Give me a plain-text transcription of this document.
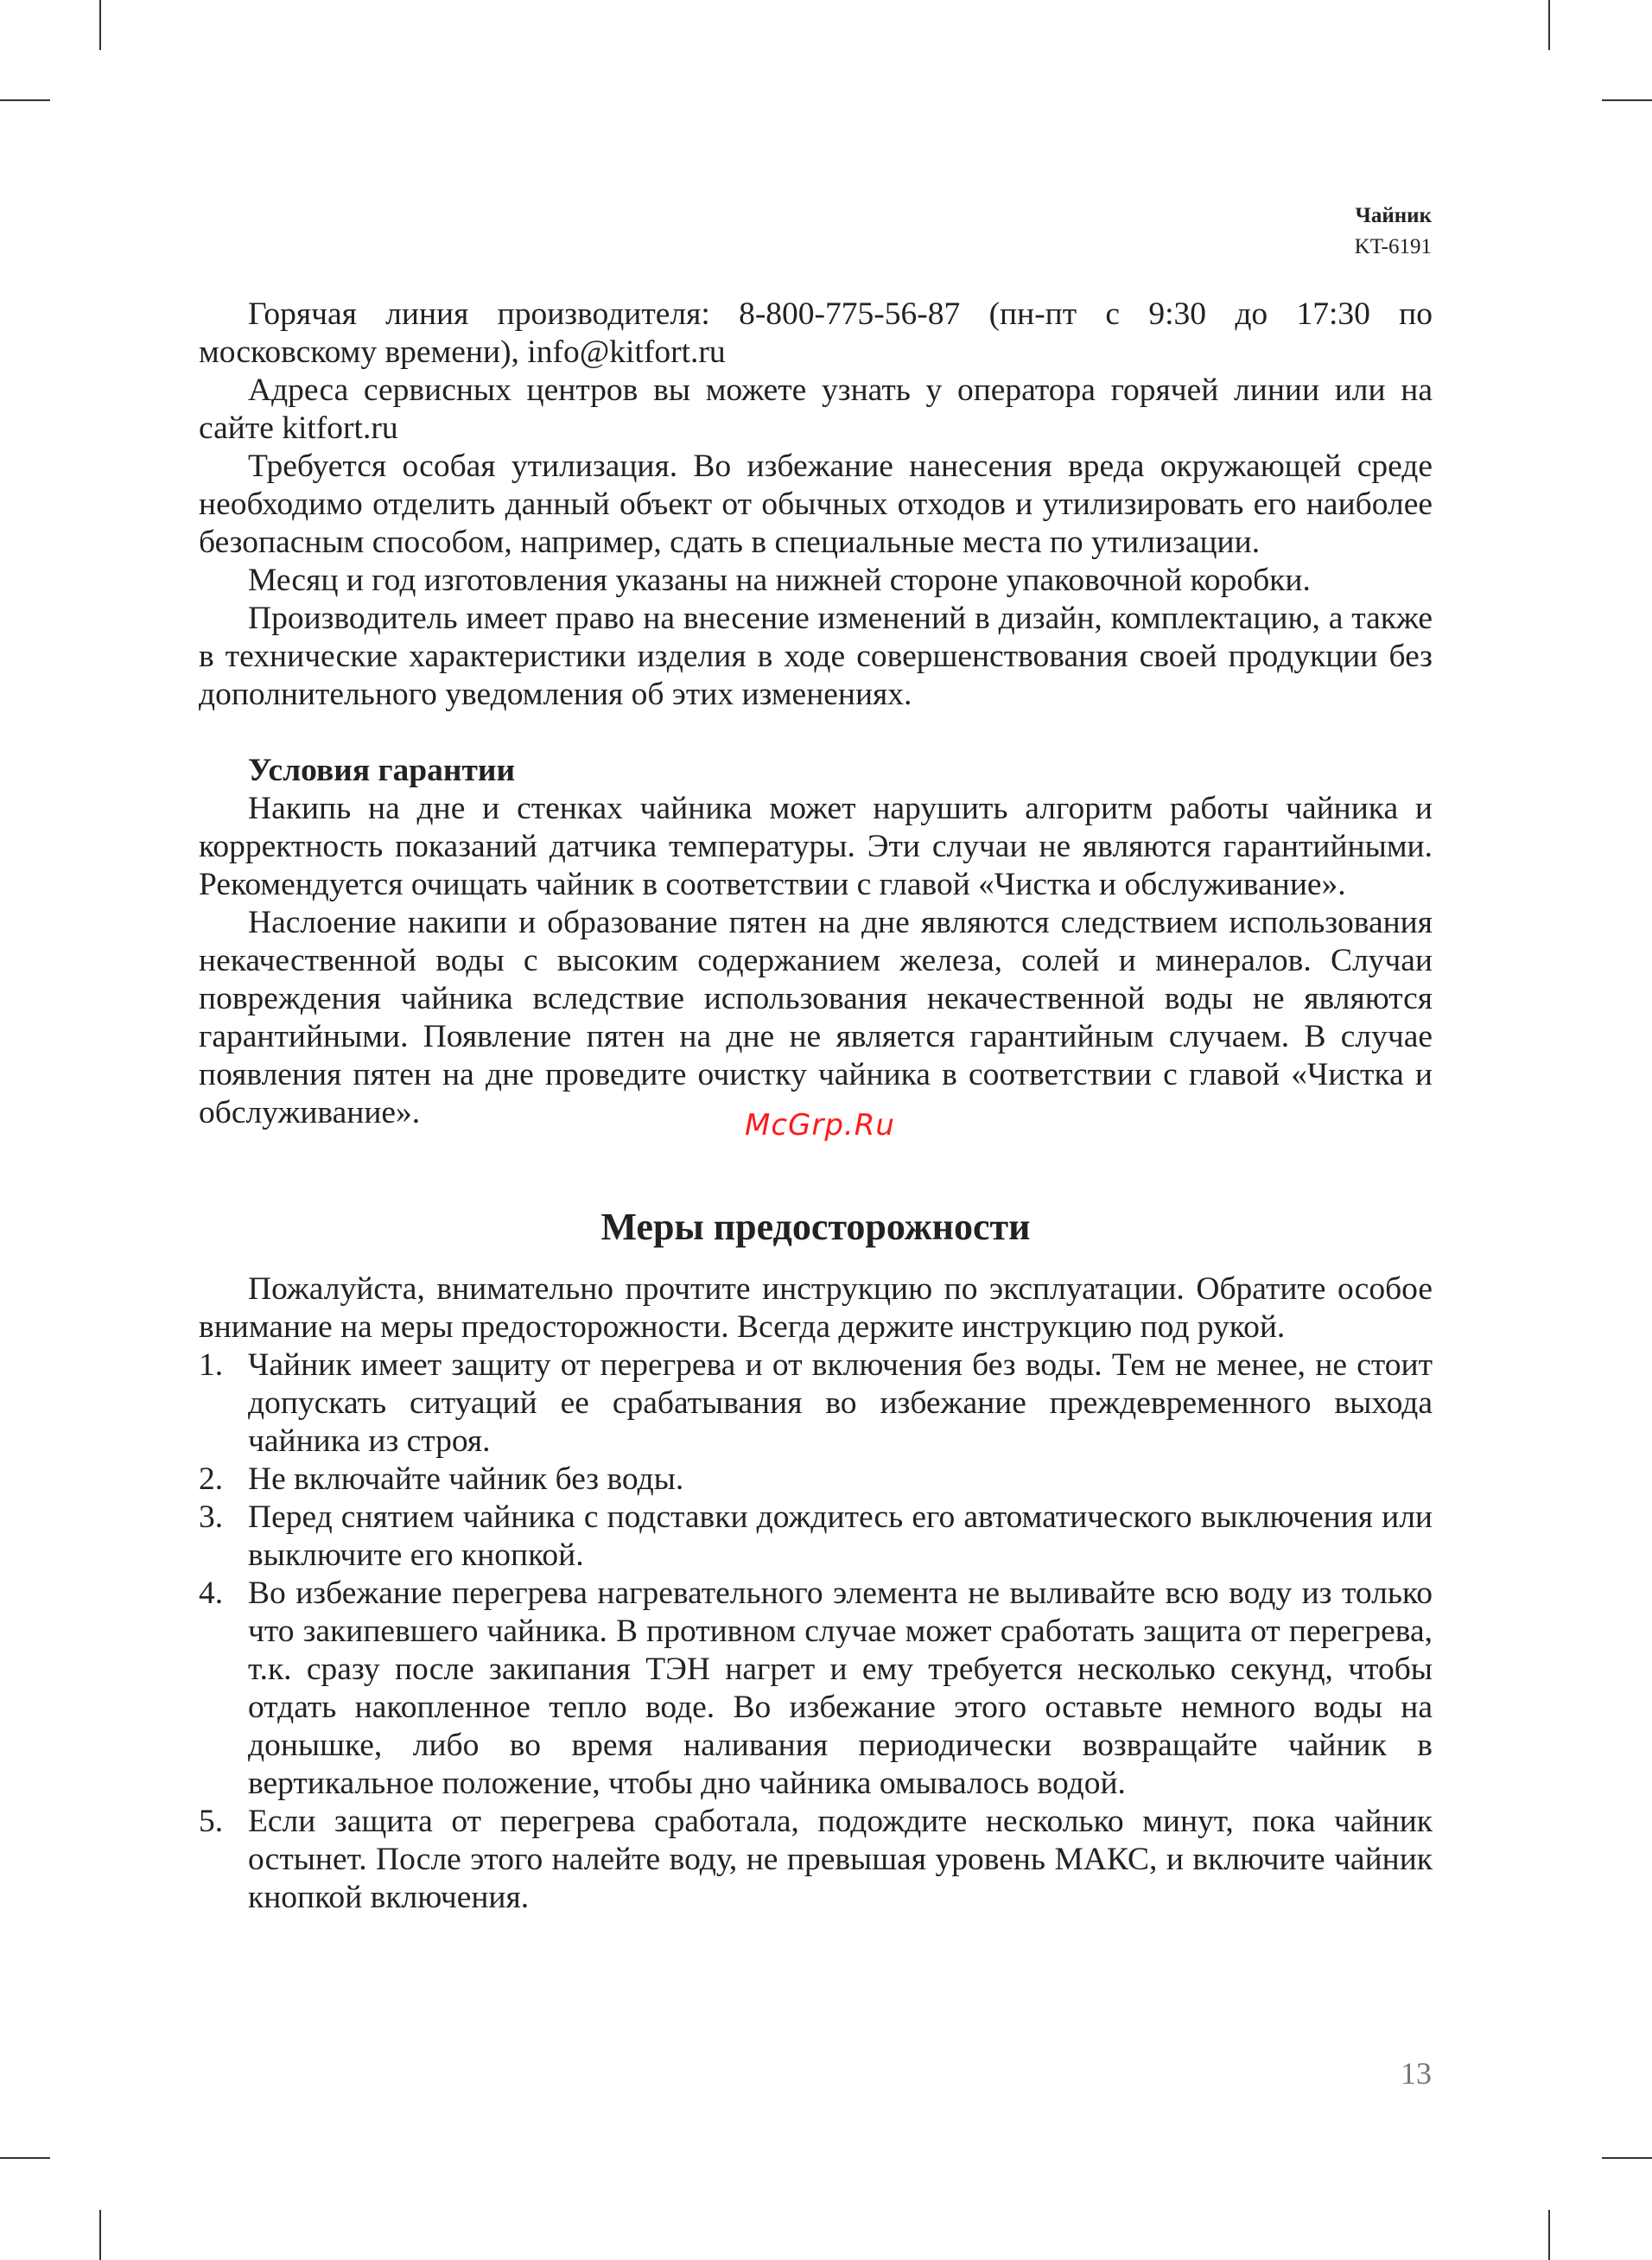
Чайник
KT-6191

Горячая линия производителя: 8-800-775-56-87 (пн-пт с 9:30 до 17:30 по московскому времени), info@kitfort.ru

Адреса сервисных центров вы можете узнать у оператора горячей линии или на сайте kitfort.ru

Требуется особая утилизация. Во избежание нанесения вреда окружающей среде необходимо отделить данный объект от обычных отходов и утилизировать его наиболее безопасным способом, например, сдать в специальные места по утилизации.

Месяц и год изготовления указаны на нижней стороне упаковочной коробки.

Производитель имеет право на внесение изменений в дизайн, комплектацию, а также в технические характеристики изделия в ходе совершенствования своей продукции без дополнительного уведомления об этих изменениях.

Условия гарантии

Накипь на дне и стенках чайника может нарушить алгоритм работы чайника и корректность показаний датчика температуры. Эти случаи не являются гарантийными. Рекомендуется очищать чайник в соответствии с главой «Чистка и обслуживание».

Наслоение накипи и образование пятен на дне являются следствием использования некачественной воды с высоким содержанием железа, солей и минералов. Случаи повреждения чайника вследствие использования некачественной воды не являются гарантийными. Появление пятен на дне не является гарантийным случаем. В случае появления пятен на дне проведите очистку чайника в соответствии с главой «Чистка и обслуживание».

Меры предосторожности

Пожалуйста, внимательно прочтите инструкцию по эксплуатации. Обратите особое внимание на меры предосторожности. Всегда держите инструкцию под рукой.

1. Чайник имеет защиту от перегрева и от включения без воды. Тем не менее, не стоит допускать ситуаций ее срабатывания во избежание преждевременного выхода чайника из строя.
2. Не включайте чайник без воды.
3. Перед снятием чайника с подставки дождитесь его автоматического выключения или выключите его кнопкой.
4. Во избежание перегрева нагревательного элемента не выливайте всю воду из только что закипевшего чайника. В противном случае может сработать защита от перегрева, т.к. сразу после закипания ТЭН нагрет и ему требуется несколько секунд, чтобы отдать накопленное тепло воде. Во избежание этого оставьте немного воды на донышке, либо во время наливания периодически возвращайте чайник в вертикальное положение, чтобы дно чайника омывалось водой.
5. Если защита от перегрева сработала, подождите несколько минут, пока чайник остынет. После этого налейте воду, не превышая уровень МАКС, и включите чайник кнопкой включения.
McGrp.Ru
13
